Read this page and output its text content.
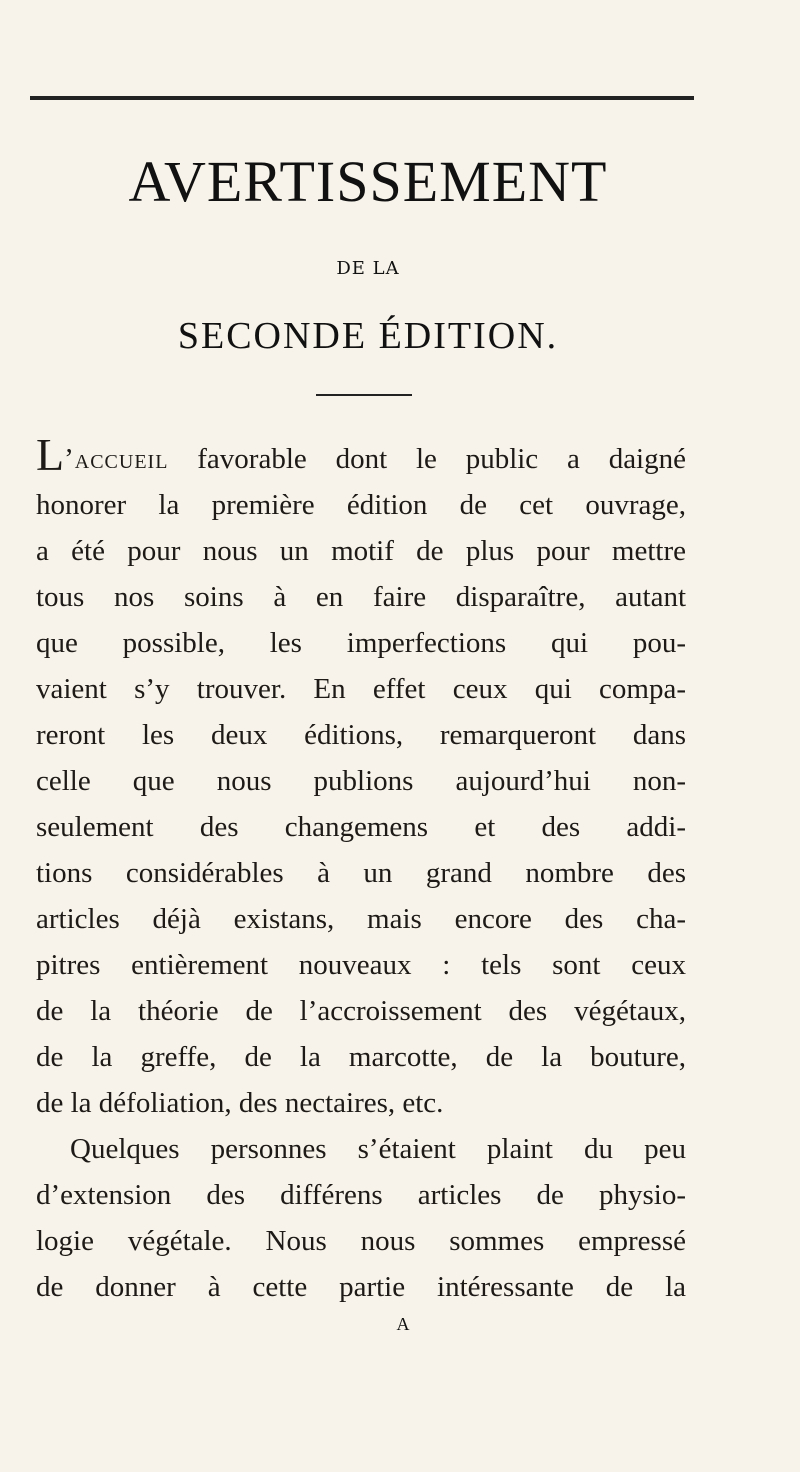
AVERTISSEMENT
DE LA
SECONDE ÉDITION.
L’accueil favorable dont le public a daigné
honorer la première édition de cet ouvrage,
a été pour nous un motif de plus pour mettre
tous nos soins à en faire disparaître, autant
que possible, les imperfections qui pou-
vaient s’y trouver. En effet ceux qui compa-
reront les deux éditions, remarqueront dans
celle que nous publions aujourd’hui non-
seulement des changemens et des addi-
tions considérables à un grand nombre des
articles déjà existans, mais encore des cha-
pitres entièrement nouveaux : tels sont ceux
de la théorie de l’accroissement des végétaux,
de la greffe, de la marcotte, de la bouture,
de la défoliation, des nectaires, etc.
Quelques personnes s’étaient plaint du peu
d’extension des différens articles de physio-
logie végétale. Nous nous sommes empressé
de donner à cette partie intéressante de la
A
